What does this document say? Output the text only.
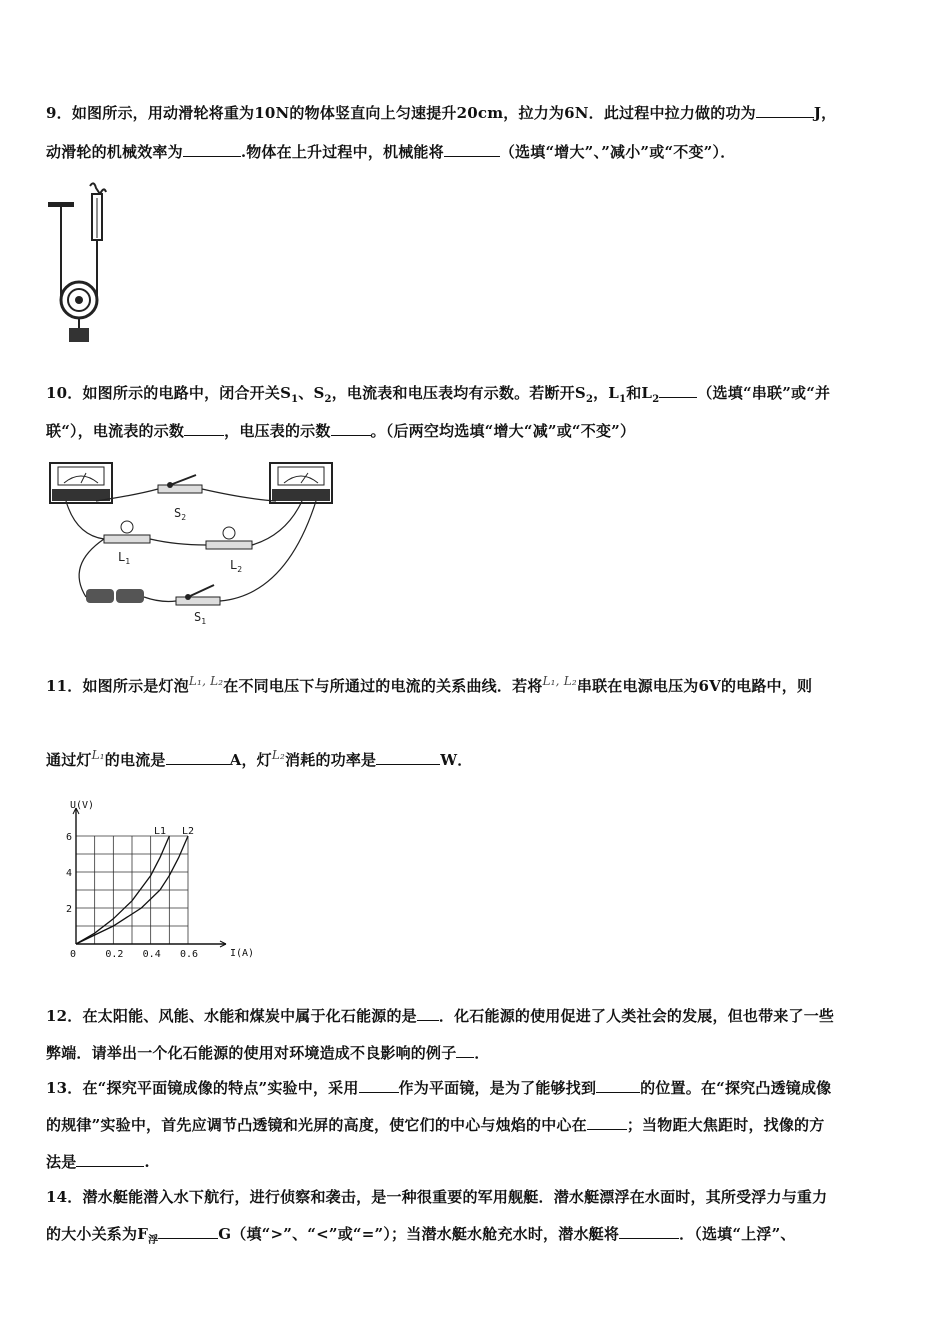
9．如图所示，用动滑轮将重为10N的物体竖直向上匀速提升20cm，拉力为6N．此过程中拉力做的功为	J，
动滑轮的机械效率为	.物体在上升过程中，机械能将	（选填“增大”、”减小”或“不变”）．
10．如图所示的电路中，闭合开关$S_1$、$S_2$，电流表和电压表均有示数。若断开$S_2$，$L_1$和$L_2$	（选填“串联”或“并
联“），电流表的示数	，电压表的示数	。（后两空均选填“增大“减”或“不变”）
$S_2$
$L_1$	$L_2$
$S_1$
11．如图所示是灯泡$^{L_1, L_2}$在不同电压下与所通过的电流的关系曲线．若将$^{L_1, L_2}$串联在电源电压为6V的电路中，则
通过灯$^{L_1}$的电流是	A，灯$^{L_2}$消耗的功率是	W．
0	0.2 0.4 0.6
2
4
6
U(V)
I(A)
L1 L2
12．在太阳能、风能、水能和煤炭中属于化石能源的是 ．化石能源的使用促进了人类社会的发展，但也带来了一些
弊端．请举出一个化石能源的使用对环境造成不良影响的例子 ．
13．在“探究平面镜成像的特点”实验中，采用	作为平面镜，是为了能够找到	的位置。在“探究凸透镜成像
的规律”实验中，首先应调节凸透镜和光屏的高度，使它们的中心与烛焰的中心在	；当物距大焦距时，找像的方
法是	.
14．潜水艇能潜入水下航行，进行侦察和袭击，是一种很重要的军用舰艇．潜水艇漂浮在水面时，其所受浮力与重力
的大小关系为$F_浮$	G（填“>”、“<”或“=”）；当潜水艇水舱充水时，潜水艇将	．（选填“上浮”、
